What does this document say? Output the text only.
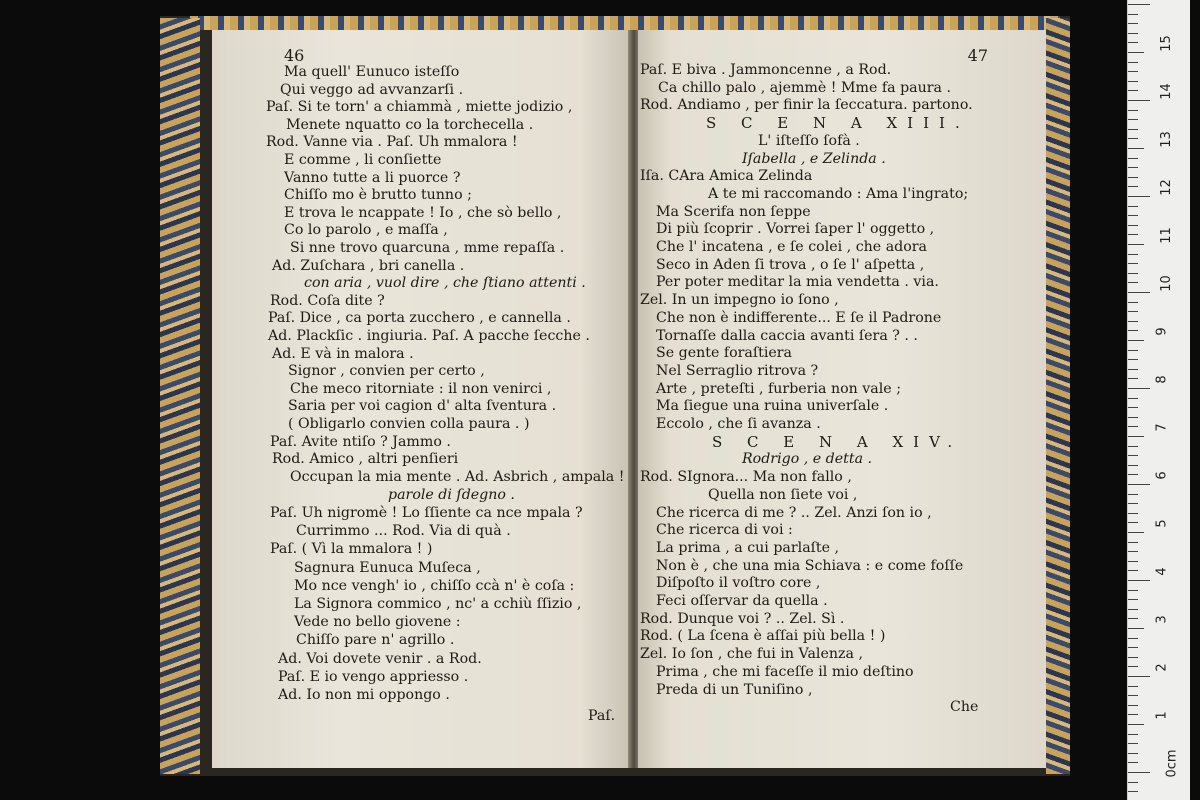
46
Ma quell' Eunuco isteſſo
Qui veggo ad avvanzarſi .
Paſ. Si te torn' a chiammà , miette jodizio ,
Menete nquatto co la torchecella .
Rod. Vanne via . Paſ. Uh mmalora !
E comme , li conſiette
Vanno tutte a li puorce ?
Chiſſo mo è brutto tunno ;
E trova le ncappate ! Io , che sò bello ,
Co lo parolo , e maſſa ,
Si nne trovo quarcuna , mme repaſſa .
Ad. Zuſchara , bri canella .
con aria , vuol dire , che ſtiano attenti .
Rod. Coſa dite ?
Paſ. Dice , ca porta zucchero , e cannella .
Ad. Plackſic . ingiuria. Paſ. A pacche ſecche .
Ad. E và in malora .
Signor , convien per certo ,
Che meco ritorniate : il non venirci ,
Saria per voi cagion d' alta ſventura .
( Obligarlo convien colla paura . )
Paſ. Avite ntiſo ? Jammo .
Rod. Amico , altri penſieri
Occupan la mia mente . Ad. Asbrich , ampala !
parole di ſdegno .
Paſ. Uh nigromè ! Lo ſſiente ca nce mpala ?
Currimmo ... Rod. Via di quà .
Paſ. ( Vì la mmalora ! )
Sagnura Eunuca Muſeca ,
Mo nce vengh' io , chiſſo ccà n' è coſa :
La Signora commico , nc' a cchiù ſſizio ,
Vede no bello giovene :
Chiſſo pare n' agrillo .
Ad. Voi dovete venir . a Rod.
Paſ. E io vengo appriesso .
Ad. Io non mi oppongo .
Paſ.
47
Paſ. E biva . Jammoncenne , a Rod.
Ca chillo palo , ajemmè ! Mme fa paura .
Rod. Andiamo , per finir la ſeccatura. partono.
S C E N A XIII.
L' iſteſſo ſofà .
Iſabella , e Zelinda .
Iſa. CAra Amica Zelinda
A te mi raccomando : Ama l'ingrato;
Ma Scerifa non ſeppe
Di più ſcoprir . Vorrei ſaper l' oggetto ,
Che l' incatena , e ſe colei , che adora
Seco in Aden ſi trova , o ſe l' aſpetta ,
Per poter meditar la mia vendetta . via.
Zel. In un impegno io ſono ,
Che non è indifferente... E ſe il Padrone
Tornaſſe dalla caccia avanti ſera ? . .
Se gente foraſtiera
Nel Serraglio ritrova ?
Arte , preteſti , furberia non vale ;
Ma ſiegue una ruina univerſale .
Eccolo , che ſi avanza .
S C E N A XIV.
Rodrigo , e detta .
Rod. SIgnora... Ma non fallo ,
Quella non ſiete voi ,
Che ricerca di me ? .. Zel. Anzi ſon io ,
Che ricerca di voi :
La prima , a cui parlaſte ,
Non è , che una mia Schiava : e come foſſe
Diſpoſto il voſtro core ,
Feci oſſervar da quella .
Rod. Dunque voi ? .. Zel. Sì .
Rod. ( La ſcena è aſſai più bella ! )
Zel. Io ſon , che fui in Valenza ,
Prima , che mi faceſſe il mio deſtino
Preda di un Tuniſino ,
Che
15
14
13
12
11
10
9
8
7
6
5
4
3
2
1
0cm
